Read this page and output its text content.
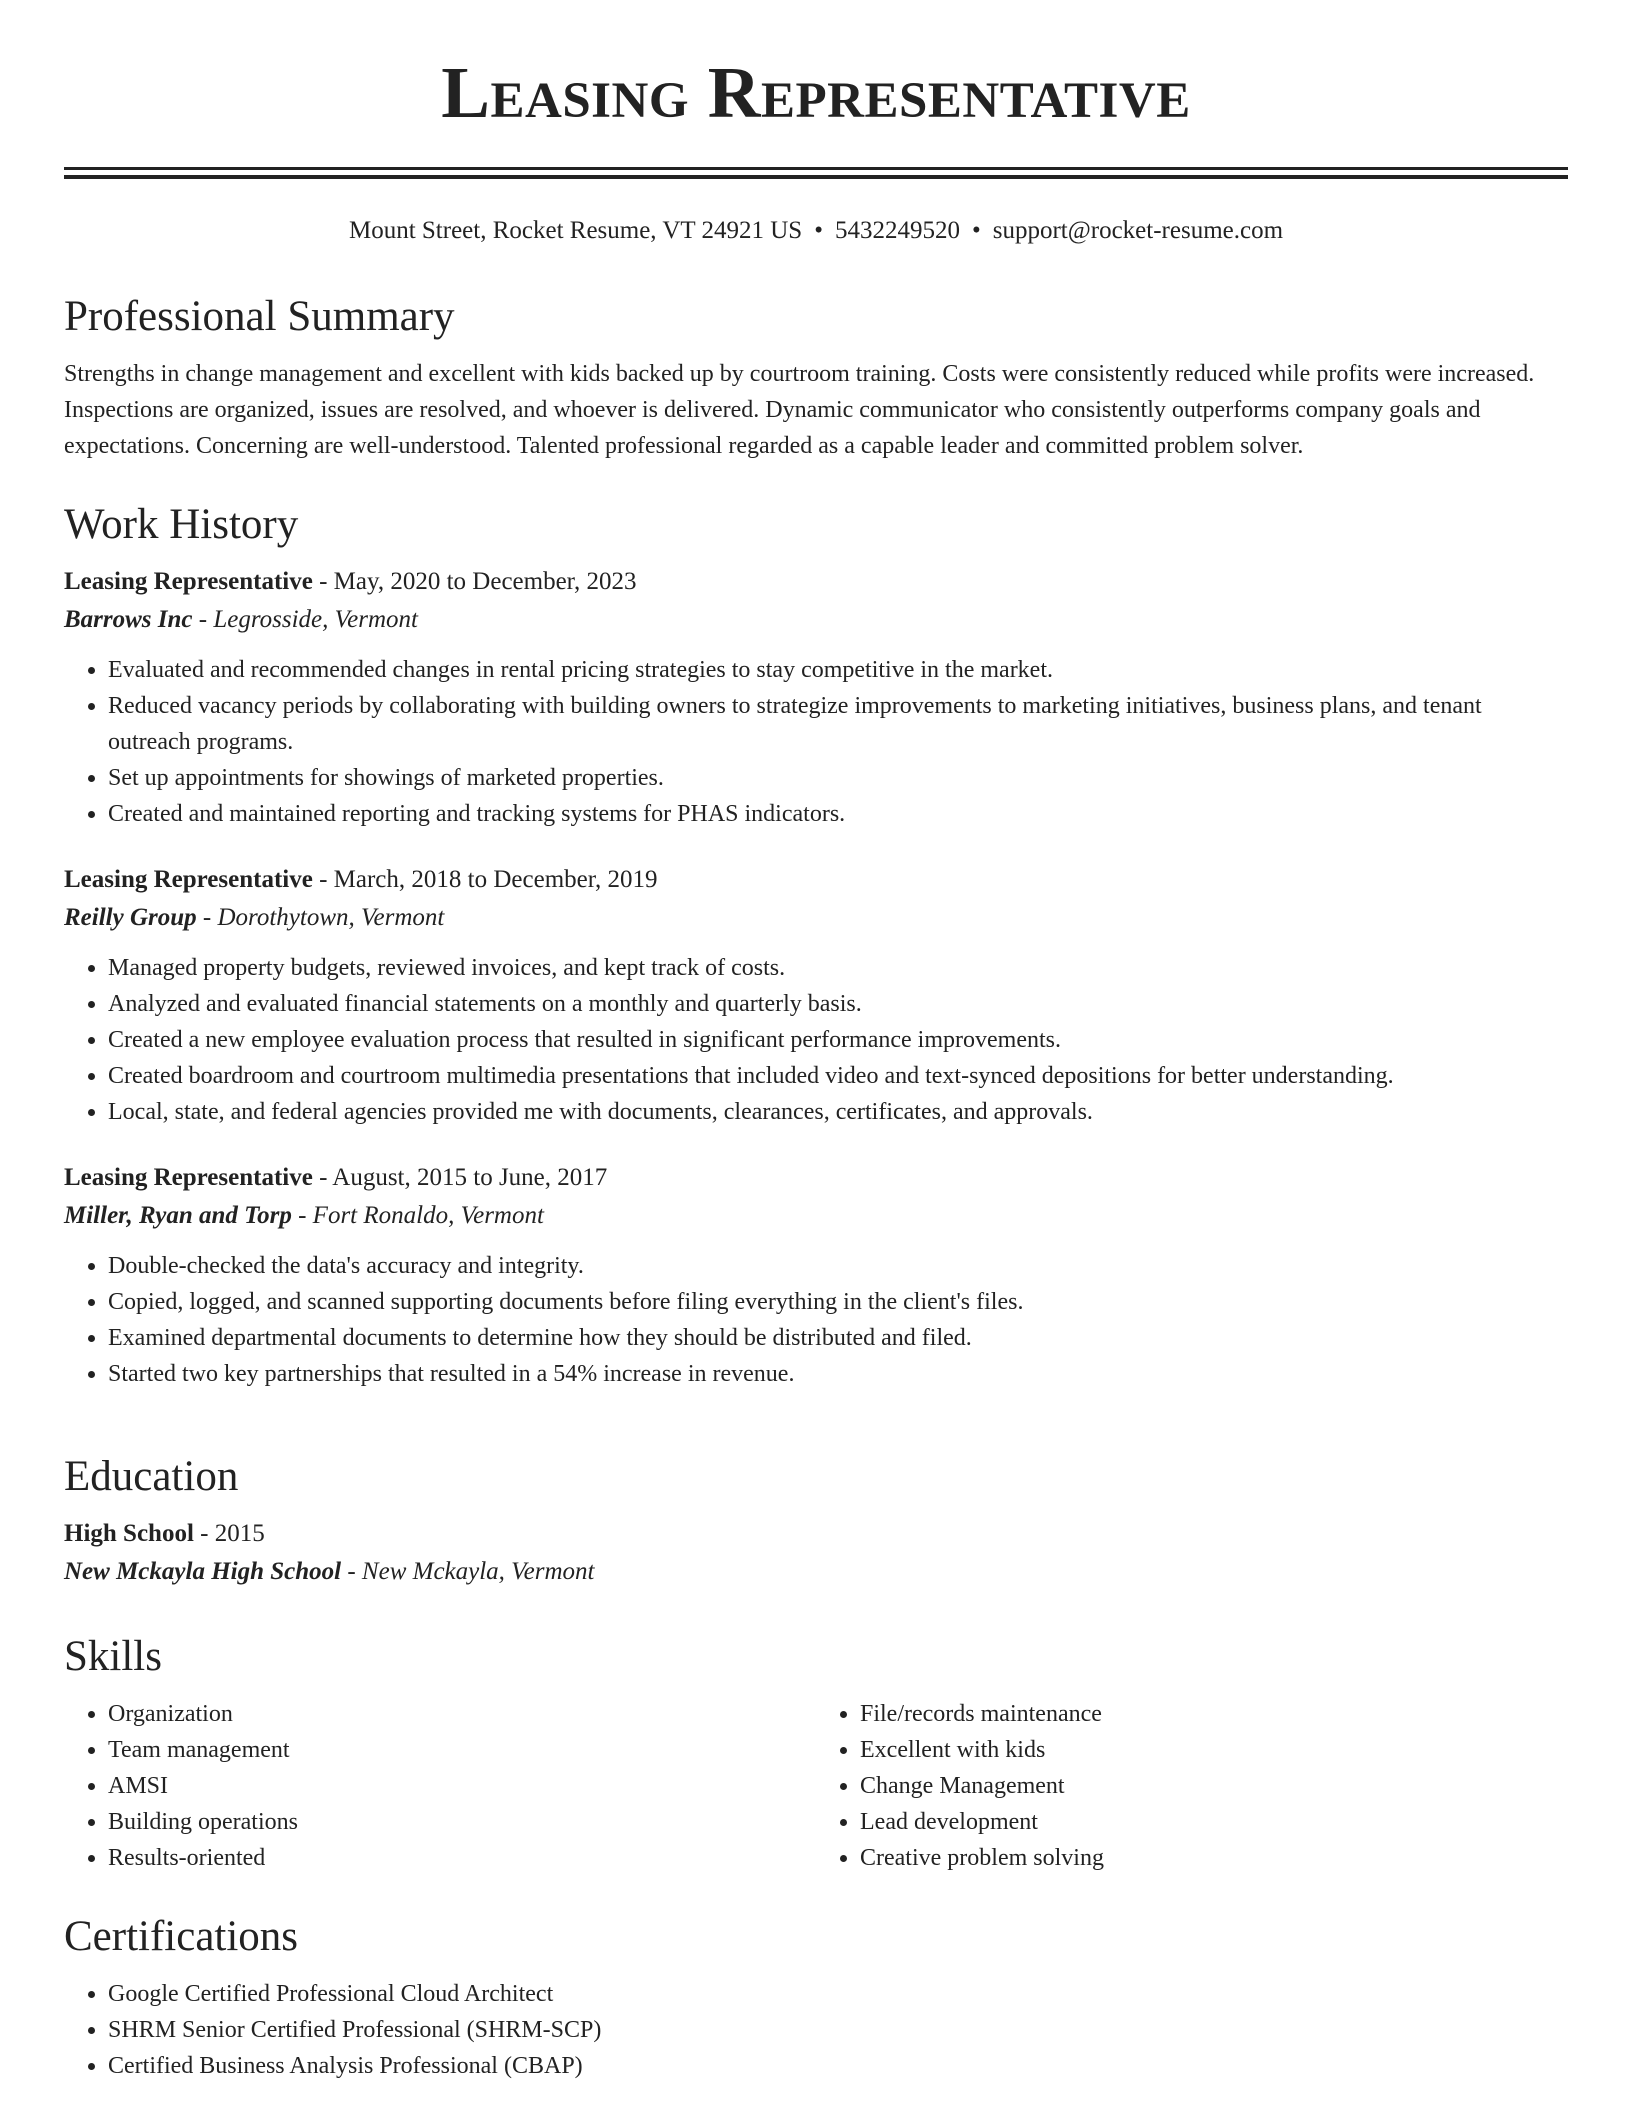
Leasing Representative
Mount Street, Rocket Resume, VT 24921 US • 5432249520 • support@rocket-resume.com
Professional Summary

Strengths in change management and excellent with kids backed up by courtroom training. Costs were consistently reduced while profits were increased. Inspections are organized, issues are resolved, and whoever is delivered. Dynamic communicator who consistently outperforms company goals and expectations. Concerning are well-understood. Talented professional regarded as a capable leader and committed problem solver.

Work History
Leasing Representative - May, 2020 to December, 2023
Barrows Inc - Legrosside, Vermont
• Evaluated and recommended changes in rental pricing strategies to stay competitive in the market.
• Reduced vacancy periods by collaborating with building owners to strategize improvements to marketing initiatives, business plans, and tenant outreach programs.
• Set up appointments for showings of marketed properties.
• Created and maintained reporting and tracking systems for PHAS indicators.
Leasing Representative - March, 2018 to December, 2019
Reilly Group - Dorothytown, Vermont
• Managed property budgets, reviewed invoices, and kept track of costs.
• Analyzed and evaluated financial statements on a monthly and quarterly basis.
• Created a new employee evaluation process that resulted in significant performance improvements.
• Created boardroom and courtroom multimedia presentations that included video and text-synced depositions for better understanding.
• Local, state, and federal agencies provided me with documents, clearances, certificates, and approvals.
Leasing Representative - August, 2015 to June, 2017
Miller, Ryan and Torp - Fort Ronaldo, Vermont
• Double-checked the data's accuracy and integrity.
• Copied, logged, and scanned supporting documents before filing everything in the client's files.
• Examined departmental documents to determine how they should be distributed and filed.
• Started two key partnerships that resulted in a 54% increase in revenue.
Education
High School - 2015
New Mckayla High School - New Mckayla, Vermont
Skills
• Organization
• Team management
• AMSI
• Building operations
• Results-oriented
• File/records maintenance
• Excellent with kids
• Change Management
• Lead development
• Creative problem solving
Certifications
• Google Certified Professional Cloud Architect
• SHRM Senior Certified Professional (SHRM-SCP)
• Certified Business Analysis Professional (CBAP)
